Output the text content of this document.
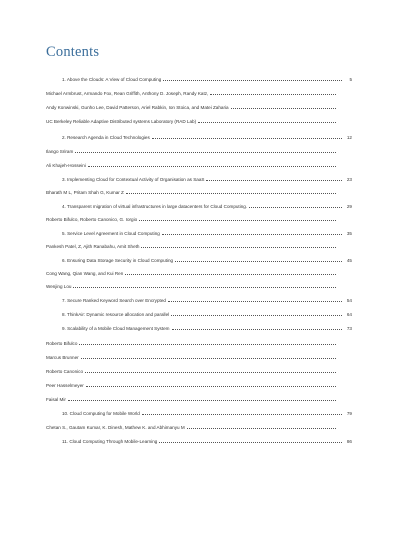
Contents
1. Above the Clouds: A View of Cloud Computing	5
Michael Armbrust, Armando Fox, Rean Griffith, Anthony D. Joseph, Randy Katz,
Andy Konwinski, Gunho Lee, David Patterson, Ariel Rabkin, Ion Stoica, and Matei Zaharia
UC Berkeley Reliable Adaptive Distributed systems Laboratory (RAD Lab)
2. Research Agenda in Cloud Technologies	12
Ilango Sriram
Ali Khajeh-Hosseini
3. Implementing Cloud for Contextual Activity of Organisation as SaaS	23
Bharath M L, Pritam Shah G, Kumar Z
4. Transparent migration of virtual infrastructures in large datacenters for Cloud Computing.	29
Roberto Bifulco, Roberto Canonico, G. Iorgio
5. Service Level Agreement in Cloud Computing	35
Pankesh Patel, Z, Ajith Ranabahu, Amit Sheth
6. Ensuring Data Storage Security in Cloud Computing	45
Cong Wang, Qian Wang, and Kui Ren
Wenjing Lou
7. Secure Ranked Keyword Search over Encrypted	54
8. ThinkAir: Dynamic resource allocation and parallel	64
9. Scalability of a Mobile Cloud Management System	73
Roberto Bifulco
Marcus Brunner
Roberto Canonico
Peer Hasselmeyer
Faisal Mir
10. Cloud Computing for Mobile World	79
Chetan S., Gautam Kumar, K. Dinesh, Mathew K. and Abhimanyu M
11. Cloud Computing Through Mobile-Learning	86
